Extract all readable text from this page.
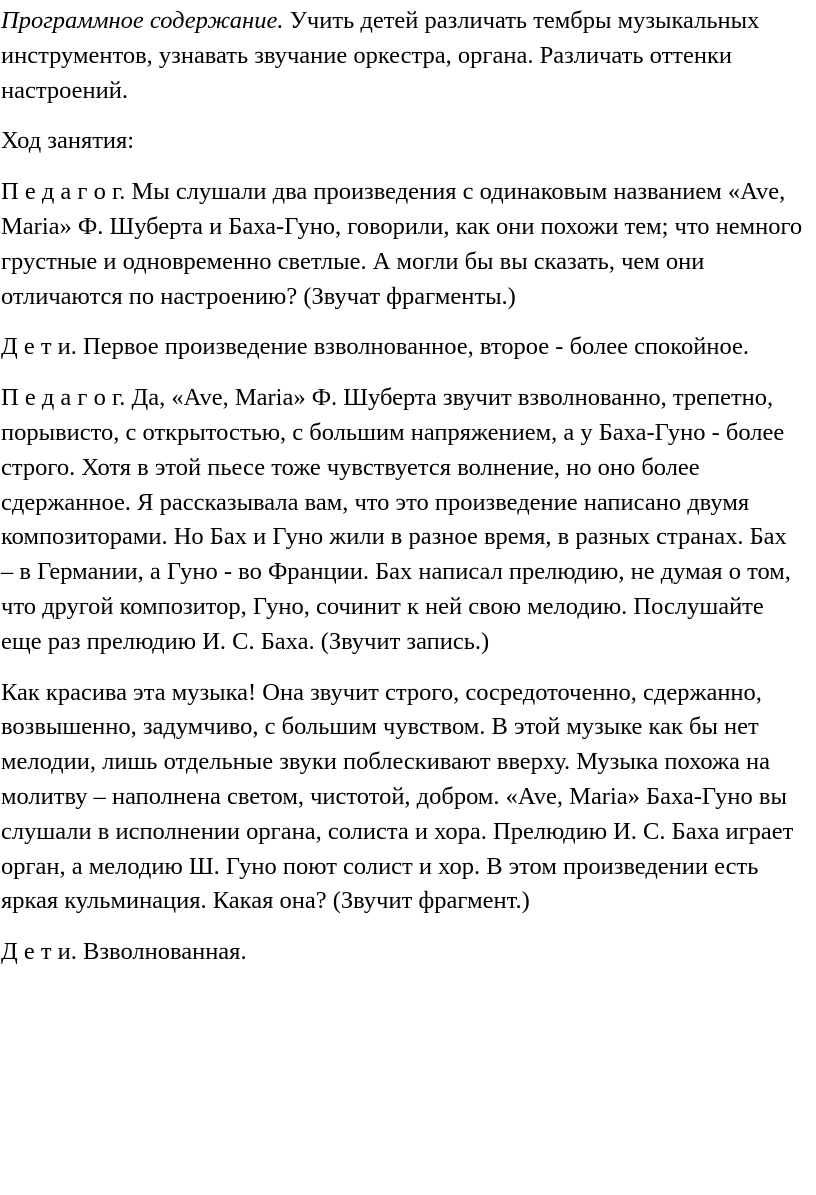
Программное содержание. Учить детей различать тембры музыкальных инструментов, узнавать звучание оркестра, органа. Различать оттенки настроений.

Ход занятия:

П е д а г о г. Мы слушали два произведения с одинаковым названием «Ave, Maria» Ф. Шуберта и Баха-Гуно, говорили, как они похожи тем; что немного грустные и одновременно светлые. А могли бы вы сказать, чем они отличаются по настроению? (Звучат фрагменты.)

Д е т и. Первое произведение взволнованное, второе - более спокойное.

П е д а г о г. Да, «Ave, Maria» Ф. Шуберта звучит взволнованно, трепетно, порывисто, с открытостью, с большим напряжением, а у Баха-Гуно - более строго. Хотя в этой пьесе тоже чувствуется волнение, но оно более сдержанное. Я рассказывала вам, что это произведение написано двумя композиторами. Но Бах и Гуно жили в разное время, в разных странах. Бах – в Германии, а Гуно - во Франции. Бах написал прелюдию, не думая о том, что другой композитор, Гуно, сочинит к ней свою мелодию. Послушайте еще раз прелюдию И. С. Баха. (Звучит запись.)

Как красива эта музыка! Она звучит строго, сосредоточенно, сдержанно, возвышенно, задумчиво, с большим чувством. В этой музыке как бы нет мелодии, лишь отдельные звуки поблескивают вверху. Музыка похожа на молитву – наполнена светом, чистотой, добром. «Ave, Maria» Баха-Гуно вы слушали в исполнении органа, солиста и хора. Прелюдию И. С. Баха играет орган, а мелодию Ш. Гуно поют солист и хор. В этом произведении есть яркая кульминация. Какая она? (Звучит фрагмент.)

Д е т и. Взволнованная.
